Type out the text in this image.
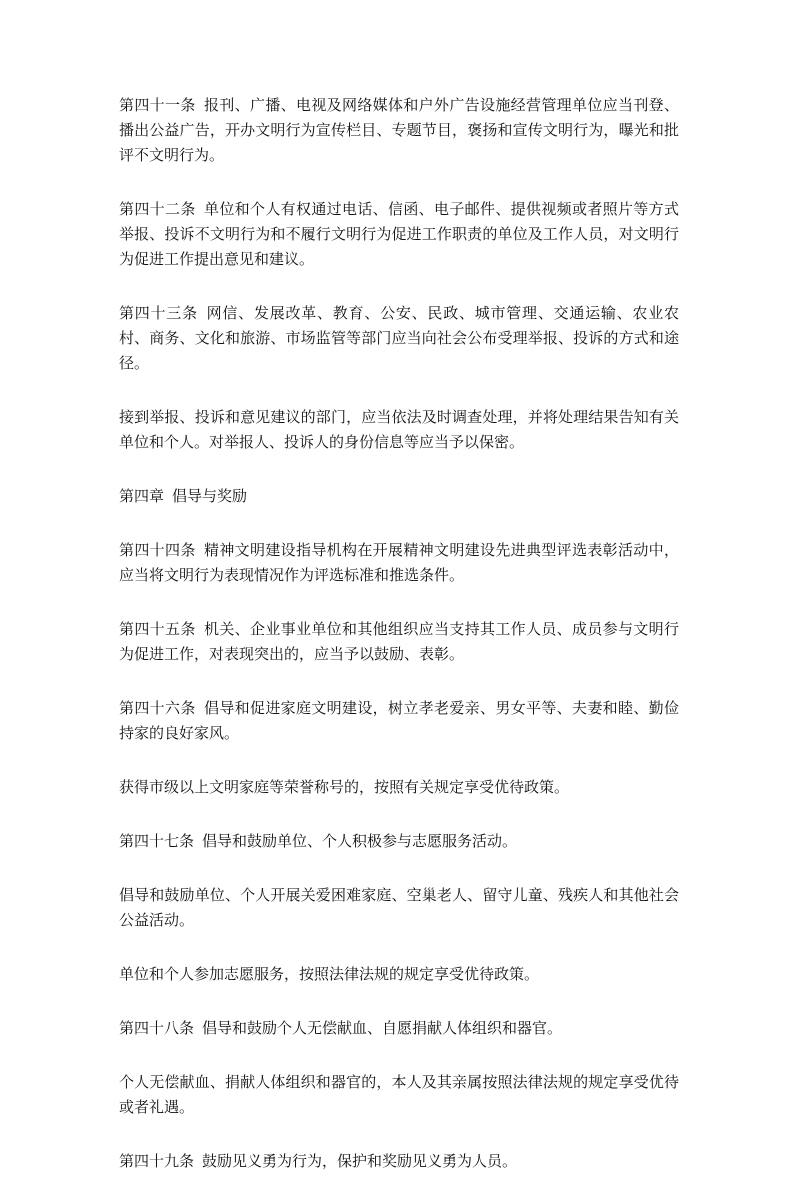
第四十一条 报刊、广播、电视及网络媒体和户外广告设施经营管理单位应当刊登、播出公益广告，开办文明行为宣传栏目、专题节目，褒扬和宣传文明行为，曝光和批评不文明行为。

第四十二条 单位和个人有权通过电话、信函、电子邮件、提供视频或者照片等方式举报、投诉不文明行为和不履行文明行为促进工作职责的单位及工作人员，对文明行为促进工作提出意见和建议。

第四十三条 网信、发展改革、教育、公安、民政、城市管理、交通运输、农业农村、商务、文化和旅游、市场监管等部门应当向社会公布受理举报、投诉的方式和途径。

接到举报、投诉和意见建议的部门，应当依法及时调查处理，并将处理结果告知有关单位和个人。对举报人、投诉人的身份信息等应当予以保密。

第四章 倡导与奖励

第四十四条 精神文明建设指导机构在开展精神文明建设先进典型评选表彰活动中，应当将文明行为表现情况作为评选标准和推选条件。

第四十五条 机关、企业事业单位和其他组织应当支持其工作人员、成员参与文明行为促进工作，对表现突出的，应当予以鼓励、表彰。

第四十六条 倡导和促进家庭文明建设，树立孝老爱亲、男女平等、夫妻和睦、勤俭持家的良好家风。

获得市级以上文明家庭等荣誉称号的，按照有关规定享受优待政策。

第四十七条 倡导和鼓励单位、个人积极参与志愿服务活动。

倡导和鼓励单位、个人开展关爱困难家庭、空巢老人、留守儿童、残疾人和其他社会公益活动。

单位和个人参加志愿服务，按照法律法规的规定享受优待政策。

第四十八条 倡导和鼓励个人无偿献血、自愿捐献人体组织和器官。

个人无偿献血、捐献人体组织和器官的，本人及其亲属按照法律法规的规定享受优待或者礼遇。

第四十九条 鼓励见义勇为行为，保护和奖励见义勇为人员。
